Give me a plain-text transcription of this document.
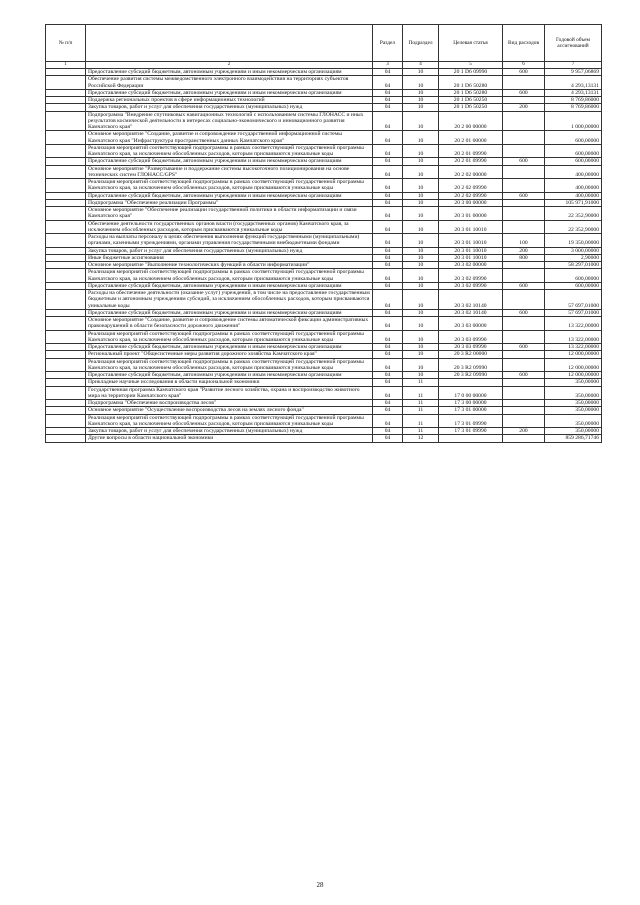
№ п/п		Раздел	Подраздел	Целевая статья	Вид расходов	Годовой объем ассигнований
1	2	3	4	5	6	7
	Предоставление субсидий бюджетным, автономным учреждениям и иным некоммерческим организациям	04	10	20 1 D6 09990	600	9 957,06869
	Обеспечение развития системы межведомственного электронного взаимодействия на территориях субъектов Российской Федерации	04	10	20 1 D6 50280		4 293,13131
	Предоставление субсидий бюджетным, автономным учреждениям и иным некоммерческим организациям	04	10	20 1 D6 50280	600	4 293,13131
	Поддержка региональных проектов в сфере информационных технологий	04	10	20 1 D6 50250		8 769,86000
	Закупка товаров, работ и услуг для обеспечения государственных (муниципальных) нужд	04	10	20 1 D6 50250	200	8 769,86000
	Подпрограмма "Внедрение спутниковых навигационных технологий с использованием системы ГЛОНАСС и иных результатов космической деятельности в интересах социально-экономического и инновационного развития Камчатского края"	04	10	20 2 00 00000		1 000,00000
	Основное мероприятие "Создание, развитие и сопровождение государственной информационной системы Камчатского края "Инфраструктура пространственных данных Камчатского края"	04	10	20 2 01 00000		600,00000
	Реализация мероприятий соответствующей подпрограммы в рамках соответствующей государственной программы Камчатского края, за исключением обособленных расходов, которым присваиваются уникальные коды	04	10	20 2 01 09990		600,00000
	Предоставление субсидий бюджетным, автономным учреждениям и иным некоммерческим организациям	04	10	20 2 01 09990	600	600,00000
	Основное мероприятие "Развертывание и поддержание системы высокоточного позиционирования на основе технических систем ГЛОНАСС/GPS"	04	10	20 2 02 00000		400,00000
	Реализация мероприятий соответствующей подпрограммы в рамках соответствующей государственной программы Камчатского края, за исключением обособленных расходов, которым присваиваются уникальные коды	04	10	20 2 02 09990		400,00000
	Предоставление субсидий бюджетным, автономным учреждениям и иным некоммерческим организациям	04	10	20 2 02 09990	600	400,00000
	Подпрограмма "Обеспечение реализации Программы"	04	10	20 3 00 00000		105 971,91000
	Основное мероприятие "Обеспечение реализации государственной политики в области информатизации и связи Камчатского края"	04	10	20 3 01 00000		22 352,90000
	Обеспечение деятельности государственных органов власти (государственных органов) Камчатского края, за исключением обособленных расходов, которым присваиваются уникальные коды	04	10	20 3 01 10010		22 352,90000
	Расходы на выплаты персоналу в целях обеспечения выполнения функций государственными (муниципальными) органами, казенными учреждениями, органами управления государственными внебюджетными фондами	04	10	20 3 01 10010	100	19 350,00000
	Закупка товаров, работ и услуг для обеспечения государственных (муниципальных) нужд	04	10	20 3 01 10010	200	3 000,00000
	Иные бюджетные ассигнования	04	10	20 3 01 10010	800	2,90000
	Основное мероприятие "Выполнение технологических функций в области информатизации"	04	10	20 3 02 00000		58 297,01000
	Реализация мероприятий соответствующей подпрограммы в рамках соответствующей государственной программы Камчатского края, за исключением обособленных расходов, которым присваиваются уникальные коды	04	10	20 3 02 09990		600,00000
	Предоставление субсидий бюджетным, автономным учреждениям и иным некоммерческим организациям	04	10	20 3 02 09990	600	600,00000
	Расходы на обеспечение деятельности (оказание услуг) учреждений, в том числе на предоставление государственным бюджетным и автономным учреждениям субсидий, за исключением обособленных расходов, которым присваиваются уникальные коды	04	10	20 3 02 10140		57 697,01000
	Предоставление субсидий бюджетным, автономным учреждениям и иным некоммерческим организациям	04	10	20 3 02 10140	600	57 697,01000
	Основное мероприятие "Создание, развитие и сопровождение системы автоматической фиксации административных правонарушений в области безопасности дорожного движения"	04	10	20 3 03 00000		13 322,00000
	Реализация мероприятий соответствующей подпрограммы в рамках соответствующей государственной программы Камчатского края, за исключением обособленных расходов, которым присваиваются уникальные коды	04	10	20 3 03 09990		13 322,00000
	Предоставление субсидий бюджетным, автономным учреждениям и иным некоммерческим организациям	04	10	20 3 03 09990	600	13 322,00000
	Региональный проект "Общесистемные меры развития дорожного хозяйства Камчатского края"	04	10	20 3 R2 00000		12 000,00000
	Реализация мероприятий соответствующей подпрограммы в рамках соответствующей государственной программы Камчатского края, за исключением обособленных расходов, которым присваиваются уникальные коды	04	10	20 3 R2 09990		12 000,00000
	Предоставление субсидий бюджетным, автономным учреждениям и иным некоммерческим организациям	04	10	20 3 R2 09990	600	12 000,00000
	Прикладные научные исследования в области национальной экономики	04	11			350,00000
	Государственная программа Камчатского края "Развитие лесного хозяйства, охрана и воспроизводство животного мира на территории Камчатского края"	04	11	17 0 00 00000		350,00000
	Подпрограмма "Обеспечение воспроизводства лесов"	04	11	17 3 00 00000		350,00000
	Основное мероприятие "Осуществление воспроизводства лесов на землях лесного фонда"	04	11	17 3 01 00000		350,00000
	Реализация мероприятий соответствующей подпрограммы в рамках соответствующей государственной программы Камчатского края, за исключением обособленных расходов, которым присваиваются уникальные коды	04	11	17 3 01 09990		350,00000
	Закупка товаров, работ и услуг для обеспечения государственных (муниципальных) нужд	04	11	17 3 01 09990	200	350,00000
	Другие вопросы в области национальной экономики	04	12			859 286,71746
28
